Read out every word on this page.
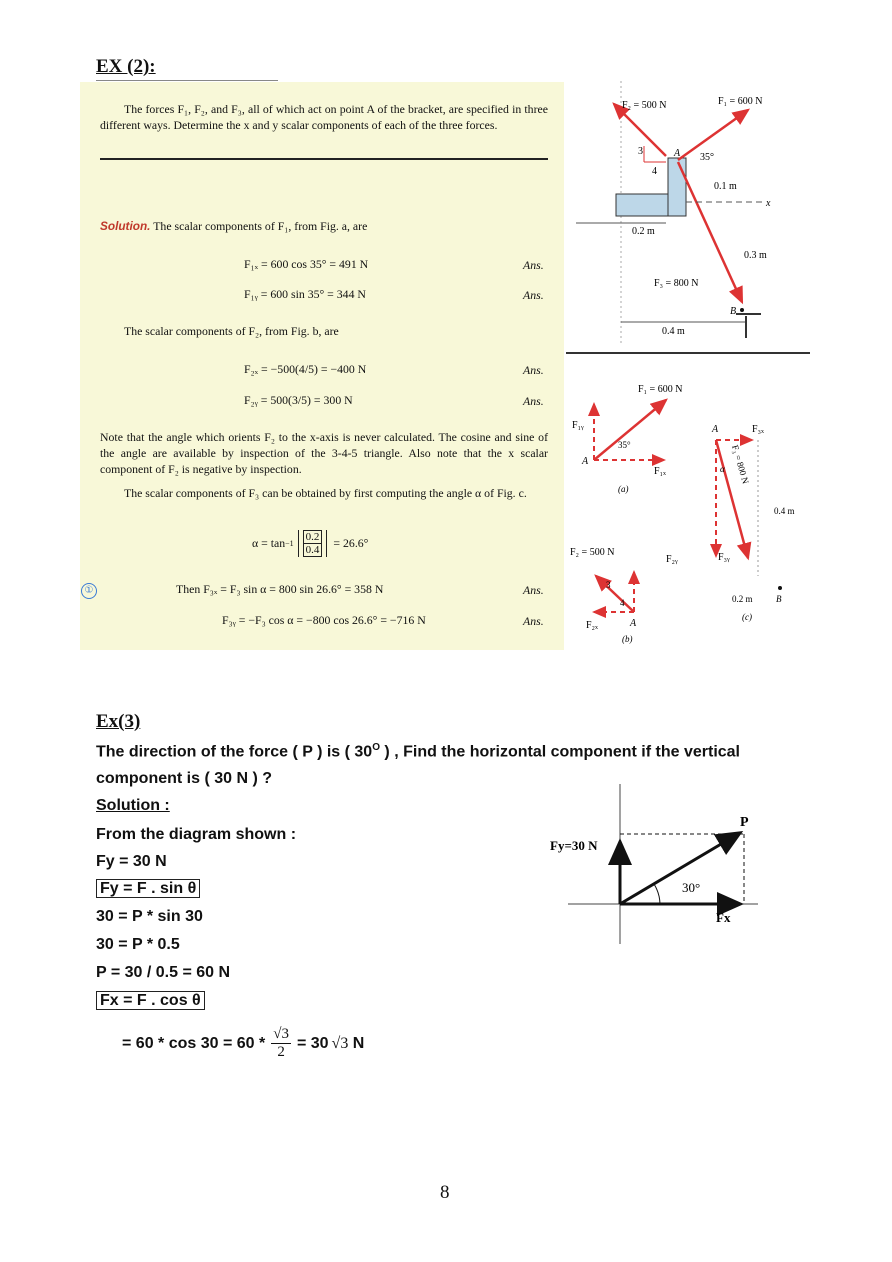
EX (2):
The forces F₁, F₂, and F₃, all of which act on point A of the bracket, are specified in three different ways. Determine the x and y scalar components of each of the three forces.
Solution. The scalar components of F₁, from Fig. a, are
F₁ₓ = 600 cos 35° = 491 N	Ans.
F₁ᵧ = 600 sin 35° = 344 N	Ans.
The scalar components of F₂, from Fig. b, are
F₂ₓ = −500(4/5) = −400 N	Ans.
F₂ᵧ = 500(3/5) = 300 N	Ans.
Note that the angle which orients F₂ to the x-axis is never calculated. The cosine and sine of the angle are available by inspection of the 3-4-5 triangle. Also note that the x scalar component of F₂ is negative by inspection.
The scalar components of F₃ can be obtained by first computing the angle α of Fig. c.
$\alpha = \tan -1 \frac{0.2}{0.4} = 26.6^\circ$
①	Then F₃ₓ = F₃ sin α = 800 sin 26.6° = 358 N	Ans.
F₃ᵧ = −F₃ cos α = −800 cos 26.6° = −716 N	Ans.
F₂ = 500 N	F₁ = 600 N
3
4
A 35°
0.1 m
x
0.2 m
0.3 m
F₃ = 800 N
B
0.4 m
F₁ = 600 N
F₁ᵧ
F₁ₓ
35°
A
(a)
F₂ = 500 N
F₂ᵧ
F₂ₓ
3
4
A
(b)
A	F₃ₓ
F₃ᵧ
F₃ = 800 N
α
0.4 m
0.2 m	B
(c)
Ex(3)
The direction of the force ( P ) is ( $30^O$ ) , Find the horizontal component if the vertical
component is ( 30 N ) ?
Solution :
From the diagram shown :
Fy = 30 N
Fy = F . sin θ
30 = P * sin 30
30 = P * 0.5
P = 30 / 0.5 = 60 N
Fx = F . cos θ
= $60 * \cos 30 = 60 * \frac{√3}{2} = 30$ √3 N
Fy=30 N
P
30°
Fx
8
